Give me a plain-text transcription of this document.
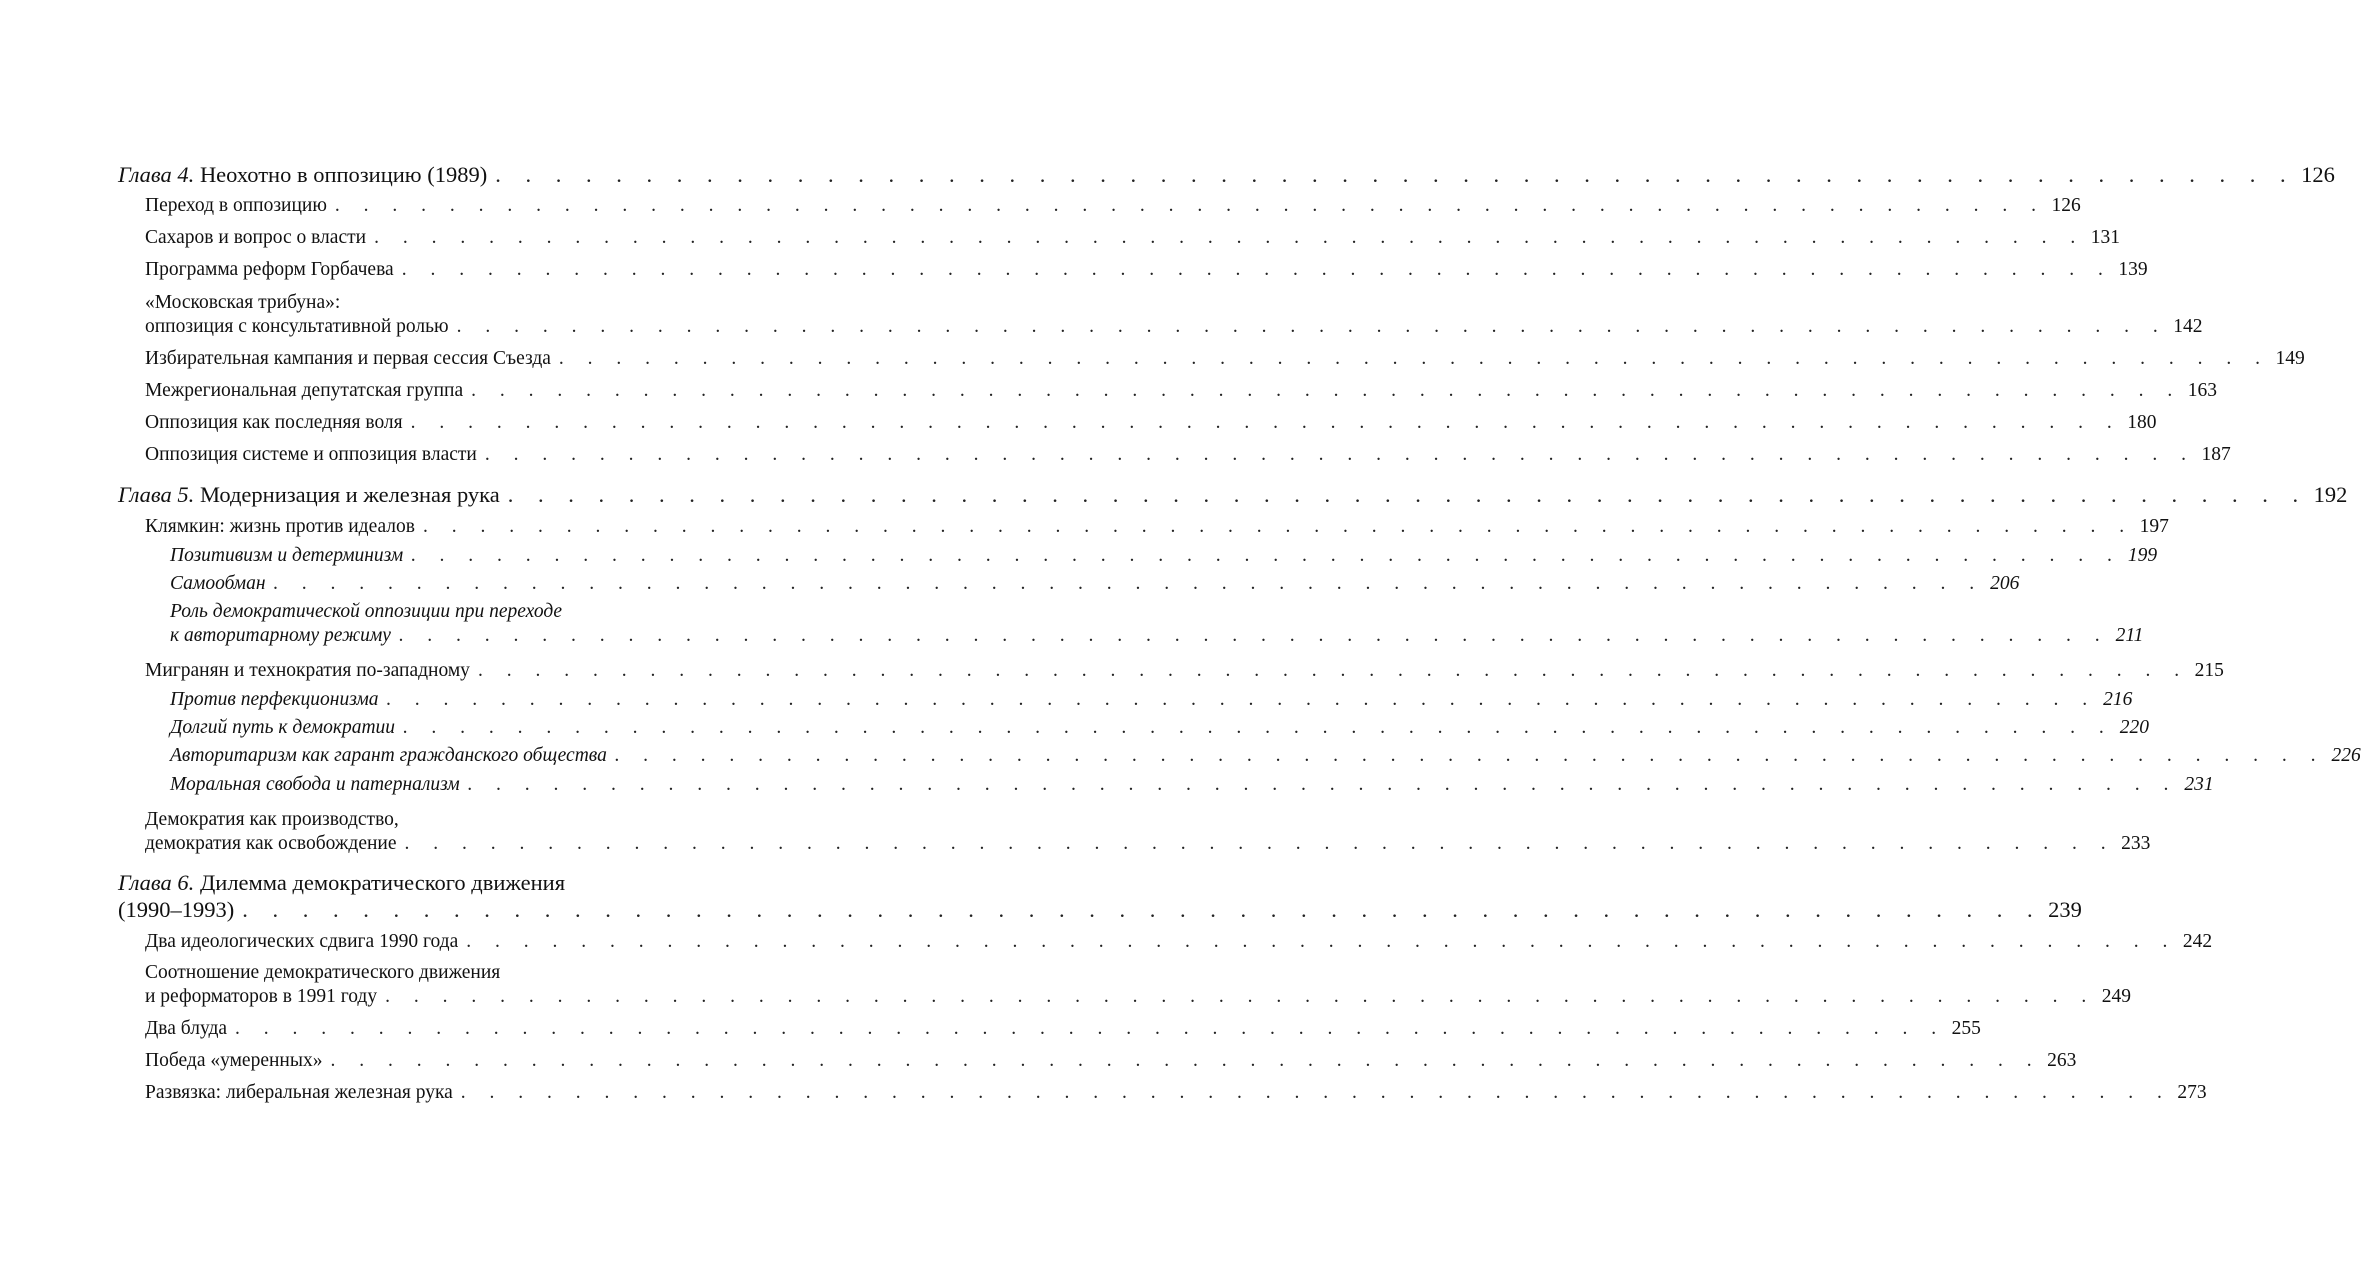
Глава 4.
Неохотно в оппозицию (1989) . . . . . . . . . . . . . . . . . . . . . . . . . . . . . . . . . . . . . . . . . . . . . . . . . . . . . . . . . . . . 126
Переход в оппозицию . . . . . . . . . . . . . . . . . . . . . . . . . . . . . . . . . . . . . . . . . . . . . . . . . . . . . . . . . . . . 126
Сахаров и вопрос о власти . . . . . . . . . . . . . . . . . . . . . . . . . . . . . . . . . . . . . . . . . . . . . . . . . . . . . . . . . . . . 131
Программа реформ Горбачева . . . . . . . . . . . . . . . . . . . . . . . . . . . . . . . . . . . . . . . . . . . . . . . . . . . . . . . . . . . . 139
«Московская трибуна»:
оппозиция с консультативной ролью . . . . . . . . . . . . . . . . . . . . . . . . . . . . . . . . . . . . . . . . . . . . . . . . . . . . . . . . . . . . 142
Избирательная кампания и первая сессия Съезда . . . . . . . . . . . . . . . . . . . . . . . . . . . . . . . . . . . . . . . . . . . . . . . . . . . . . . . . . . . . 149
Межрегиональная депутатская группа . . . . . . . . . . . . . . . . . . . . . . . . . . . . . . . . . . . . . . . . . . . . . . . . . . . . . . . . . . . . 163
Оппозиция как последняя воля . . . . . . . . . . . . . . . . . . . . . . . . . . . . . . . . . . . . . . . . . . . . . . . . . . . . . . . . . . . . 180
Оппозиция системе и оппозиция власти . . . . . . . . . . . . . . . . . . . . . . . . . . . . . . . . . . . . . . . . . . . . . . . . . . . . . . . . . . . . 187
Глава 5.
Модернизация и железная рука . . . . . . . . . . . . . . . . . . . . . . . . . . . . . . . . . . . . . . . . . . . . . . . . . . . . . . . . . . . . 192
Клямкин: жизнь против идеалов . . . . . . . . . . . . . . . . . . . . . . . . . . . . . . . . . . . . . . . . . . . . . . . . . . . . . . . . . . . . 197
Позитивизм и детерминизм . . . . . . . . . . . . . . . . . . . . . . . . . . . . . . . . . . . . . . . . . . . . . . . . . . . . . . . . . . . . 199
Самообман . . . . . . . . . . . . . . . . . . . . . . . . . . . . . . . . . . . . . . . . . . . . . . . . . . . . . . . . . . . . 206
Роль демократической оппозиции при переходе
к авторитарному режиму . . . . . . . . . . . . . . . . . . . . . . . . . . . . . . . . . . . . . . . . . . . . . . . . . . . . . . . . . . . . 211
Мигранян и технократия по-западному . . . . . . . . . . . . . . . . . . . . . . . . . . . . . . . . . . . . . . . . . . . . . . . . . . . . . . . . . . . . 215
Против перфекционизма . . . . . . . . . . . . . . . . . . . . . . . . . . . . . . . . . . . . . . . . . . . . . . . . . . . . . . . . . . . . 216
Долгий путь к демократии . . . . . . . . . . . . . . . . . . . . . . . . . . . . . . . . . . . . . . . . . . . . . . . . . . . . . . . . . . . . 220
Авторитаризм как гарант гражданского общества . . . . . . . . . . . . . . . . . . . . . . . . . . . . . . . . . . . . . . . . . . . . . . . . . . . . . . . . . . . . 226
Моральная свобода и патернализм . . . . . . . . . . . . . . . . . . . . . . . . . . . . . . . . . . . . . . . . . . . . . . . . . . . . . . . . . . . . 231
Демократия как производство,
демократия как освобождение . . . . . . . . . . . . . . . . . . . . . . . . . . . . . . . . . . . . . . . . . . . . . . . . . . . . . . . . . . . . 233
Глава 6.
Дилемма демократического движения
(1990–1993) . . . . . . . . . . . . . . . . . . . . . . . . . . . . . . . . . . . . . . . . . . . . . . . . . . . . . . . . . . . . 239
Два идеологических сдвига 1990 года . . . . . . . . . . . . . . . . . . . . . . . . . . . . . . . . . . . . . . . . . . . . . . . . . . . . . . . . . . . . 242
Соотношение демократического движения
и реформаторов в 1991 году . . . . . . . . . . . . . . . . . . . . . . . . . . . . . . . . . . . . . . . . . . . . . . . . . . . . . . . . . . . . 249
Два блуда . . . . . . . . . . . . . . . . . . . . . . . . . . . . . . . . . . . . . . . . . . . . . . . . . . . . . . . . . . . . 255
Победа «умеренных» . . . . . . . . . . . . . . . . . . . . . . . . . . . . . . . . . . . . . . . . . . . . . . . . . . . . . . . . . . . . 263
Развязка: либеральная железная рука . . . . . . . . . . . . . . . . . . . . . . . . . . . . . . . . . . . . . . . . . . . . . . . . . . . . . . . . . . . . 273
